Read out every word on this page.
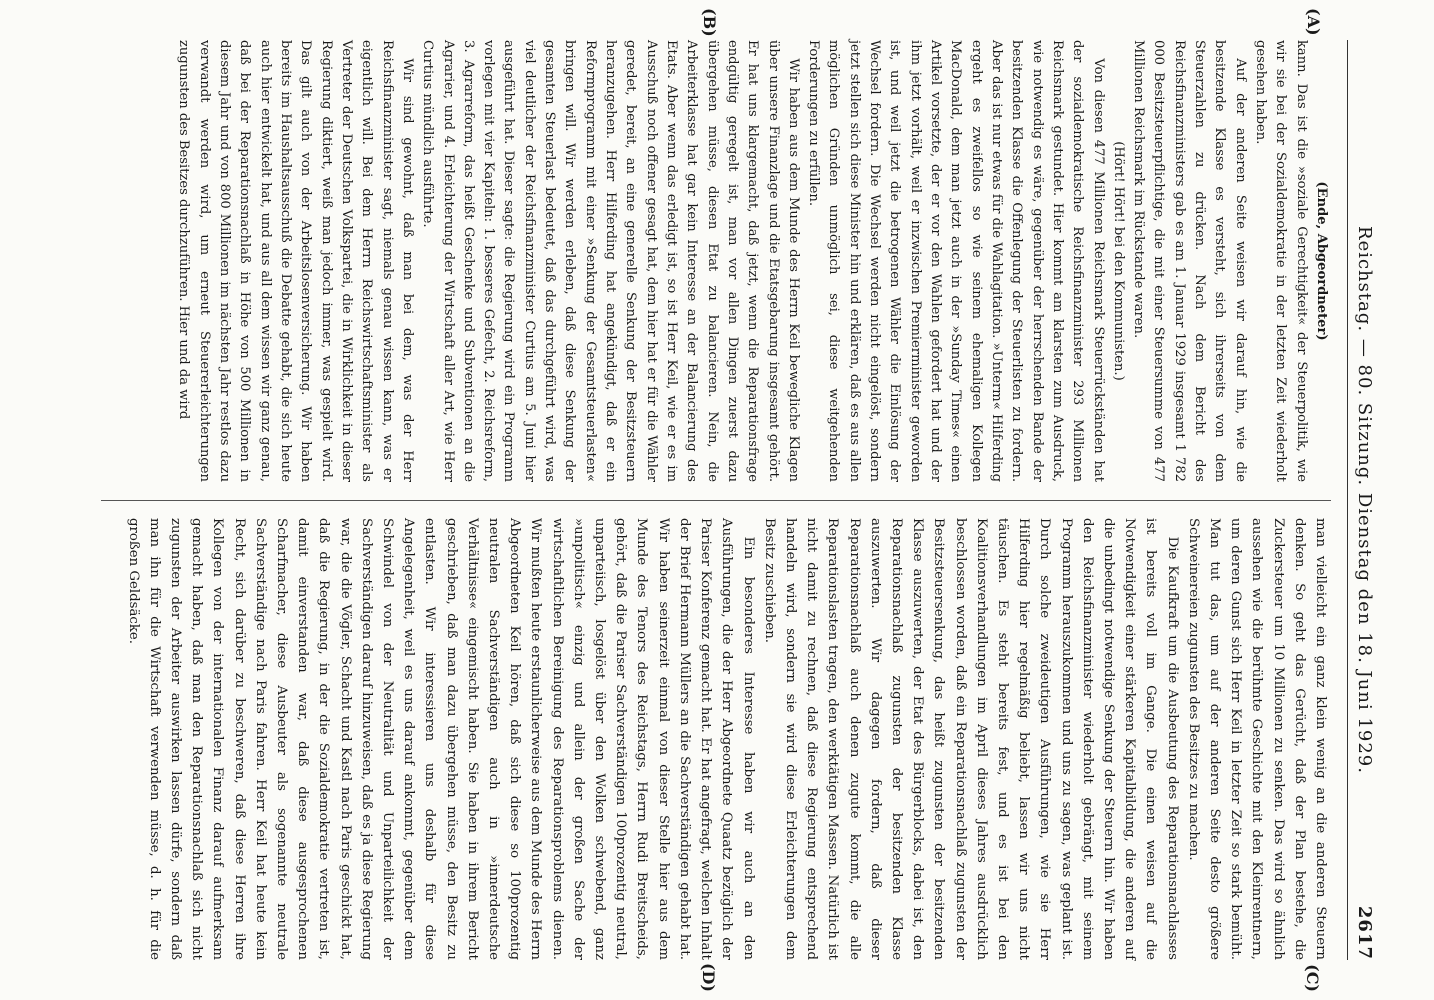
Reichstag. — 80. Sitzung. Dienstag den 18. Juni 1929.
2617
(A)
(B)

(Ende, Abgeordneter)

kann. Das ist die »soziale Gerechtigkeit« der Steuerpolitik, wie wir sie bei der Sozialdemokratie in der letzten Zeit wiederholt gesehen haben.

Auf der anderen Seite weisen wir darauf hin, wie die besitzende Klasse es versteht, sich ihrerseits von dem Steuerzahlen zu drücken. Nach dem Bericht des Reichsfinanzministers gab es am 1. Januar 1929 insgesamt 1 782 000 Besitzsteuerpflichtige, die mit einer Steuersumme von 477 Millionen Reichsmark im Rückstande waren.

(Hört! Hört! bei den Kommunisten.)

Von diesen 477 Millionen Reichsmark Steuerrückständen hat der sozialdemokratische Reichsfinanzminister 293 Millionen Reichsmark gestundet. Hier kommt am klarsten zum Ausdruck, wie notwendig es wäre, gegenüber der herrschenden Bande der besitzenden Klasse die Offenlegung der Steuerlisten zu fordern. Aber das ist nur etwas für die Wahlagitation. »Unterm« Hilferding ergeht es zweifellos so wie seinem ehemaligen Kollegen MacDonald, dem man jetzt auch in der »Sunday Times« einen Artikel vorsetzte, der er vor den Wahlen gefordert hat und der ihm jetzt vorhält, weil er inzwischen Premierminister geworden ist, und weil jetzt die betrogenen Wähler die Einlösung der Wechsel fordern. Die Wechsel werden nicht eingelöst, sondern jetzt stellen sich diese Minister hin und erklären, daß es aus allen möglichen Gründen unmöglich sei, diese weitgehenden Forderungen zu erfüllen.

Wir haben aus dem Munde des Herrn Keil bewegliche Klagen über unsere Finanzlage und die Etatsgebarung insgesamt gehört. Er hat uns klargemacht, daß jetzt, wenn die Reparationsfrage endgültig geregelt ist, man vor allen Dingen zuerst dazu übergehen müsse, diesen Etat zu balancieren. Nein, die Arbeiterklasse hat gar kein Interesse an der Balancierung des Etats. Aber wenn das erledigt ist, so ist Herr Keil, wie er es im Ausschuß noch offener gesagt hat, dem hier hat er für die Wähler geredet, bereit, an eine generelle Senkung der Besitzsteuern heranzugehen. Herr Hilferding hat angekündigt, daß er ein Reformprogramm mit einer »Senkung der Gesamtsteuerlasten« bringen will. Wir werden erleben, daß diese Senkung der gesamten Steuerlast bedeutet, daß das durchgeführt wird, was viel deutlicher der Reichsfinanzminister Curtius am 5. Juni hier ausgeführt hat. Dieser sagte: die Regierung wird ein Programm vorlegen mit vier Kapiteln: 1. besseres Gefecht, 2. Reichsreform, 3. Agrarreform, das heißt Geschenke und Subventionen an die Agrarier, und 4. Erleichterung der Wirtschaft aller Art, wie Herr Curtius mündlich ausführte.

Wir sind gewohnt, daß man bei dem, was der Herr Reichsfinanzminister sagt, niemals genau wissen kann, was er eigentlich will. Bei dem Herrn Reichswirtschaftsminister als Vertreter der Deutschen Volkspartei, die in Wirklichkeit in dieser Regierung diktiert, weiß man jedoch immer, was gespielt wird. Das gilt auch von der Arbeitslosenversicherung. Wir haben bereits im Haushaltsausschuß die Debatte gehabt, die sich heute auch hier entwickelt hat, und aus all dem wissen wir ganz genau, daß bei der Reparationsnachlaß in Höhe von 500 Millionen in diesem Jahr und von 800 Millionen im nächsten Jahr restlos dazu verwandt werden wird, um erneut Steuererleichterungen zugunsten des Besitzes durchzuführen. Hier und da wird

(C)
(D)

man vielleicht ein ganz klein wenig an die anderen Steuern denken. So geht das Gerücht, daß der Plan bestehe, die Zuckersteuer um 10 Millionen zu senken. Das wird so ähnlich aussehen wie die berühmte Geschichte mit den Kleinrentnern, um deren Gunst sich Herr Keil in letzter Zeit so stark bemüht. Man tut das, um auf der anderen Seite desto größere Schweinereien zugunsten des Besitzes zu machen.

Die Kaufkraft um die Ausbeutung des Reparationsnachlasses ist bereits voll im Gange. Die einen weisen auf die Notwendigkeit einer stärkeren Kapitalbildung, die anderen auf die unbedingt notwendige Senkung der Steuern hin. Wir haben den Reichsfinanzminister wiederholt gebrängt, mit seinem Programm herauszukommen und uns zu sagen, was geplant ist. Durch solche zweideutigen Ausführungen, wie sie Herr Hilferding hier regelmäßig beliebt, lassen wir uns nicht täuschen. Es steht bereits fest, und es ist bei den Koalitionsverhandlungen im April dieses Jahres ausdrücklich beschlossen worden, daß ein Reparationsnachlaß zugunsten der Besitzsteuersenkung, das heißt zugunsten der besitzenden Klasse auszuwerten, der Etat des Bürgerblocks, dabei ist, den Reparationsnachlaß zugunsten der besitzenden Klasse auszuwerten. Wir dagegen fordern, daß dieser Reparationsnachlaß auch denen zugute kommt, die alle Reparationslasten tragen, den werktätigen Massen. Natürlich ist nicht damit zu rechnen, daß diese Regierung entsprechend handeln wird, sondern sie wird diese Erleichterungen dem Besitz zuschieben.

Ein besonderes Interesse haben wir auch an den Ausführungen, die der Herr Abgeordnete Quaatz bezüglich der Pariser Konferenz gemacht hat. Er hat angefragt, welchen Inhalt der Brief Hermann Müllers an die Sachverständigen gehabt hat. Wir haben seinerzeit einmal von dieser Stelle hier aus dem Munde des Tenors des Reichstags, Herrn Rudi Breitscheids, gehört, daß die Pariser Sachverständigen 100prozentig neutral, unparteiisch, losgelöst über den Wolken schwebend, ganz »unpolitisch« einzig und allein der großen Sache der wirtschaftlichen Bereinigung des Reparationsproblems dienen. Wir mußten heute erstaunlicherweise aus dem Munde des Herrn Abgeordneten Keil hören, daß sich diese so 100prozentig neutralen Sachverständigen auch in »innerdeutsche Verhältnisse« eingemischt haben. Sie haben in ihrem Bericht geschrieben, daß man dazu übergehen müsse, den Besitz zu entlasten. Wir interessieren uns deshalb für diese Angelegenheit, weil es uns darauf ankommt, gegenüber dem Schwindel von der Neutralität und Unparteilichkeit der Sachverständigen darauf hinzuweisen, daß es ja diese Regierung war, die die Vögler, Schacht und Kastl nach Paris geschickt hat, daß die Regierung, in der die Sozialdemokratie vertreten ist, damit einverstanden war, daß diese ausgesprochenen Scharfmacher, diese Ausbeuter als sogenannte neutrale Sachverständige nach Paris fahren. Herr Keil hat heute kein Recht, sich darüber zu beschweren, daß diese Herren ihre Kollegen von der internationalen Finanz darauf aufmerksam gemacht haben, daß man den Reparationsnachlaß sich nicht zugunsten der Arbeiter auswirken lassen dürfe, sondern daß man ihn für die Wirtschaft verwenden müsse, d. h. für die großen Geldsäcke.
